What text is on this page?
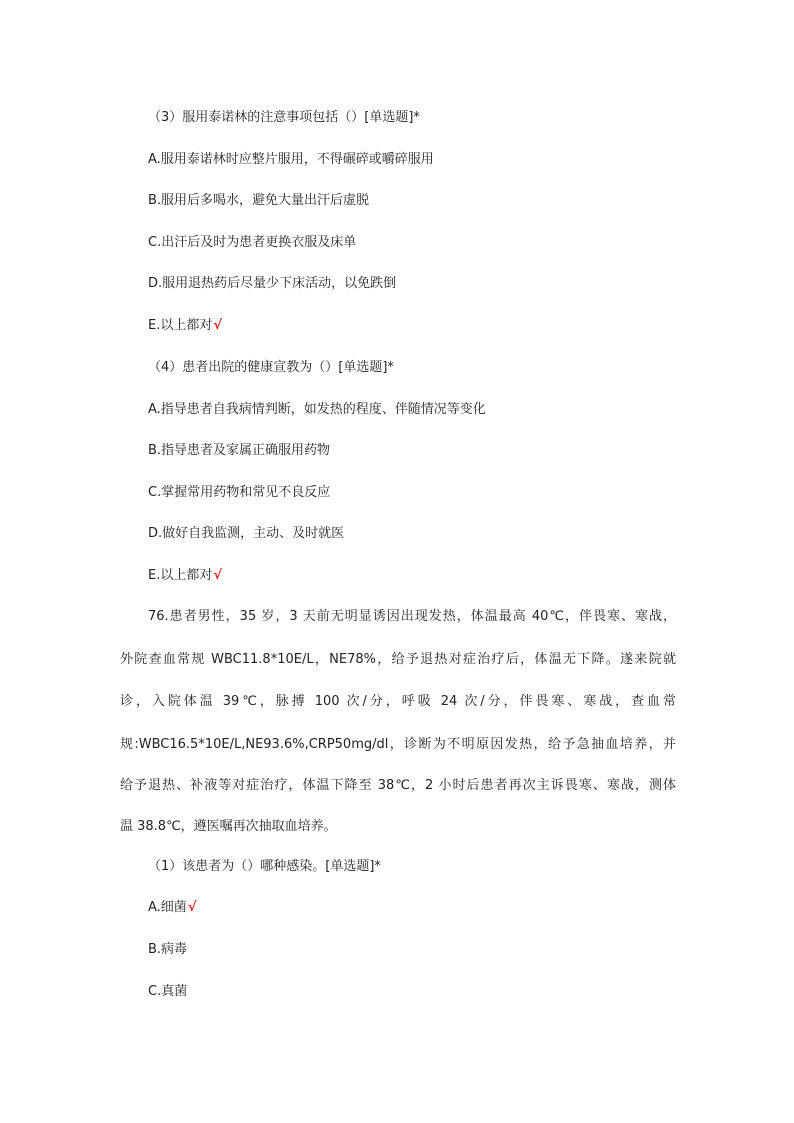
（3）服用泰诺林的注意事项包括（）[单选题]*
A.服用泰诺林时应整片服用，不得碾碎或嚼碎服用
B.服用后多喝水，避免大量出汗后虚脱
C.出汗后及时为患者更换衣服及床单
D.服用退热药后尽量少下床活动，以免跌倒
E.以上都对√
（4）患者出院的健康宣教为（）[单选题]*
A.指导患者自我病情判断，如发热的程度、伴随情况等变化
B.指导患者及家属正确服用药物
C.掌握常用药物和常见不良反应
D.做好自我监测，主动、及时就医
E.以上都对√
76.患者男性，35 岁，3 天前无明显诱因出现发热，体温最高 40℃，伴畏寒、寒战，
外院查血常规 WBC11.8*10E/L，NE78%，给予退热对症治疗后，体温无下降。遂来院就
诊，入院体温 39℃，脉搏 100 次/分，呼吸 24 次/分，伴畏寒、寒战，查血常
规:WBC16.5*10E/L,NE93.6%,CRP50mg/dl，诊断为不明原因发热，给予急抽血培养，并
给予退热、补液等对症治疗，体温下降至 38℃，2 小时后患者再次主诉畏寒、寒战，测体
温 38.8℃，遵医嘱再次抽取血培养。
（1）该患者为（）哪种感染。[单选题]*
A.细菌√
B.病毒
C.真菌
